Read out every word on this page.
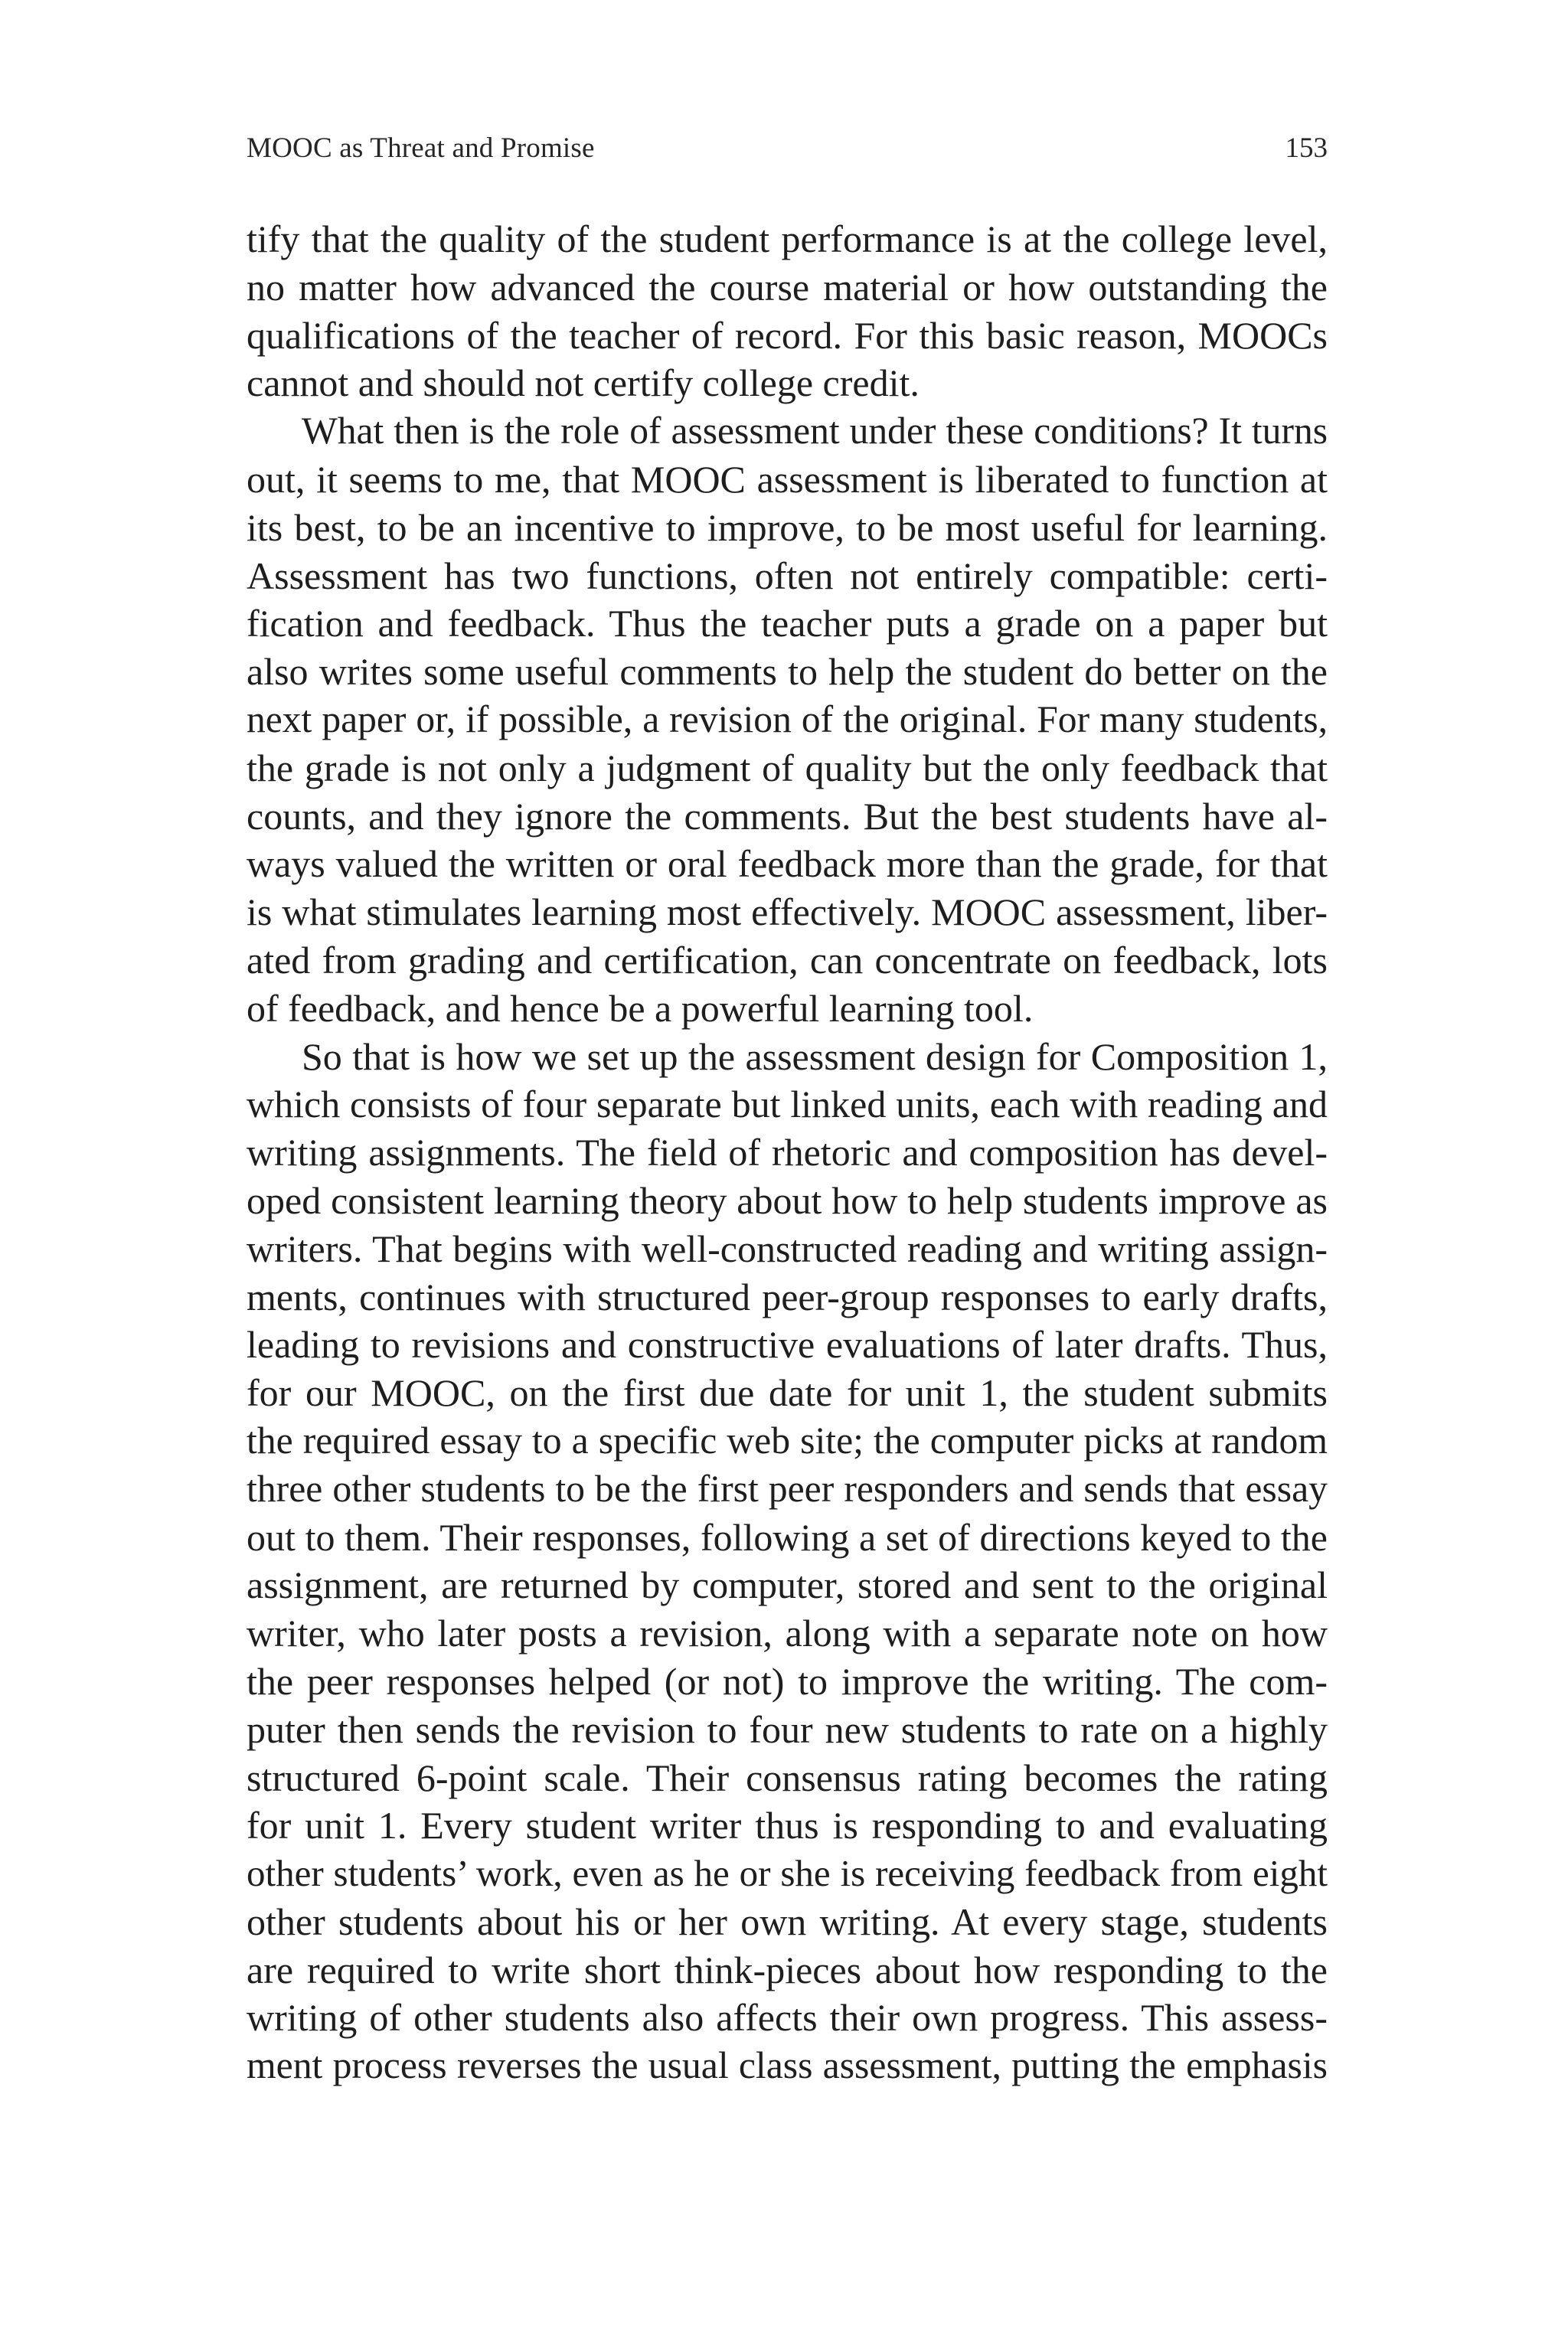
MOOC as Threat and Promise	153
tify that the quality of the student performance is at the college level,
no matter how advanced the course material or how outstanding the
qualifications of the teacher of record. For this basic reason, MOOCs
cannot and should not certify college credit.
What then is the role of assessment under these conditions? It turns
out, it seems to me, that MOOC assessment is liberated to function at
its best, to be an incentive to improve, to be most useful for learning.
Assessment has two functions, often not entirely compatible: certi-
fication and feedback. Thus the teacher puts a grade on a paper but
also writes some useful comments to help the student do better on the
next paper or, if possible, a revision of the original. For many students,
the grade is not only a judgment of quality but the only feedback that
counts, and they ignore the comments. But the best students have al-
ways valued the written or oral feedback more than the grade, for that
is what stimulates learning most effectively. MOOC assessment, liber-
ated from grading and certification, can concentrate on feedback, lots
of feedback, and hence be a powerful learning tool.
So that is how we set up the assessment design for Composition 1,
which consists of four separate but linked units, each with reading and
writing assignments. The field of rhetoric and composition has devel-
oped consistent learning theory about how to help students improve as
writers. That begins with well-constructed reading and writing assign-
ments, continues with structured peer-group responses to early drafts,
leading to revisions and constructive evaluations of later drafts. Thus,
for our MOOC, on the first due date for unit 1, the student submits
the required essay to a specific web site; the computer picks at random
three other students to be the first peer responders and sends that essay
out to them. Their responses, following a set of directions keyed to the
assignment, are returned by computer, stored and sent to the original
writer, who later posts a revision, along with a separate note on how
the peer responses helped (or not) to improve the writing. The com-
puter then sends the revision to four new students to rate on a highly
structured 6-point scale. Their consensus rating becomes the rating
for unit 1. Every student writer thus is responding to and evaluating
other students’ work, even as he or she is receiving feedback from eight
other students about his or her own writing. At every stage, students
are required to write short think-pieces about how responding to the
writing of other students also affects their own progress. This assess-
ment process reverses the usual class assessment, putting the emphasis
